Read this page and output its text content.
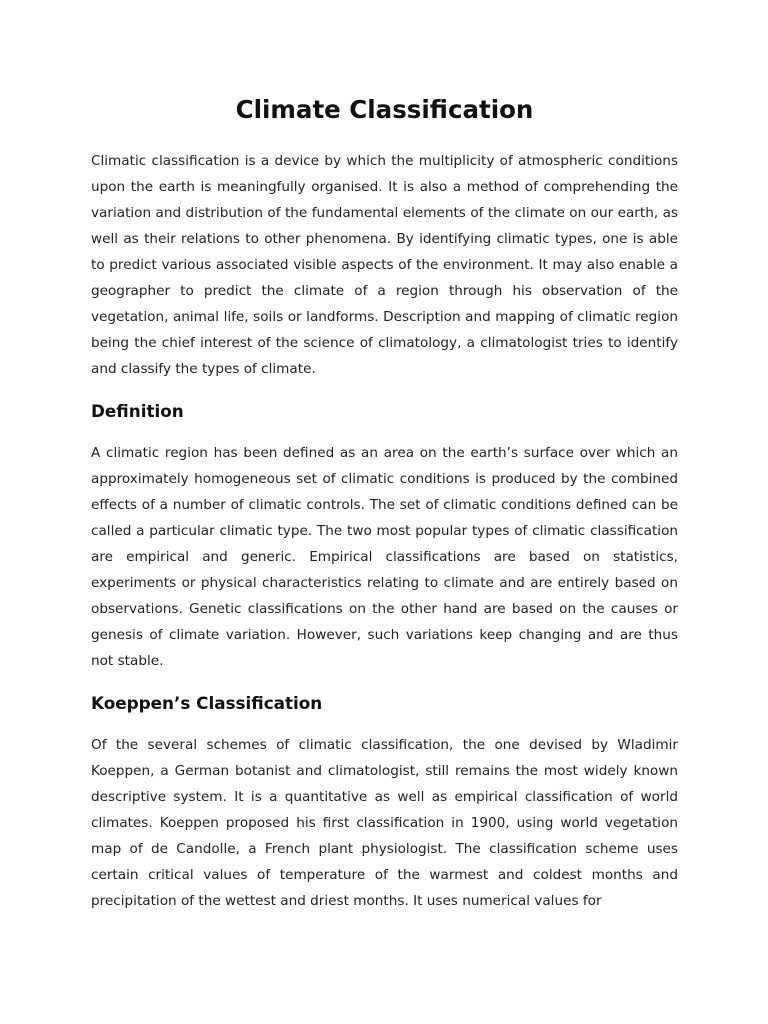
Climate Classification

Climatic classification is a device by which the multiplicity of atmospheric conditions upon the earth is meaningfully organised. It is also a method of comprehending the variation and distribution of the fundamental elements of the climate on our earth, as well as their relations to other phenomena. By identifying climatic types, one is able to predict various associated visible aspects of the environment. It may also enable a geographer to predict the climate of a region through his observation of the vegetation, animal life, soils or landforms. Description and mapping of climatic region being the chief interest of the science of climatology, a climatologist tries to identify and classify the types of climate.

Definition

A climatic region has been defined as an area on the earth’s surface over which an approximately homogeneous set of climatic conditions is produced by the combined effects of a number of climatic controls. The set of climatic conditions defined can be called a particular climatic type. The two most popular types of climatic classification are empirical and generic. Empirical classifications are based on statistics, experiments or physical characteristics relating to climate and are entirely based on observations. Genetic classifications on the other hand are based on the causes or genesis of climate variation. However, such variations keep changing and are thus not stable.

Koeppen’s Classification

Of the several schemes of climatic classification, the one devised by Wladimir Koeppen, a German botanist and climatologist, still remains the most widely known descriptive system. It is a quantitative as well as empirical classification of world climates. Koeppen proposed his first classification in 1900, using world vegetation map of de Candolle, a French plant physiologist. The classification scheme uses certain critical values of temperature of the warmest and coldest months and precipitation of the wettest and driest months. It uses numerical values for
